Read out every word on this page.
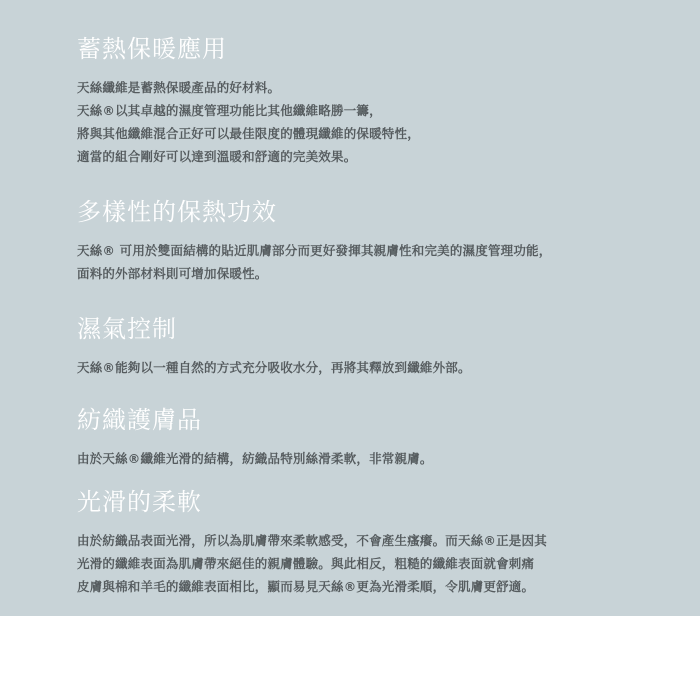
蓄熱保暖應用

天絲纖維是蓄熱保暖產品的好材料。
天絲®以其卓越的濕度管理功能比其他纖維略勝一籌，
將與其他纖維混合正好可以最佳限度的體現纖維的保暖特性，
適當的組合剛好可以達到溫暖和舒適的完美效果。

多樣性的保熱功效

天絲® 可用於雙面結構的貼近肌膚部分而更好發揮其親膚性和完美的濕度管理功能，
面料的外部材料則可增加保暖性。

濕氣控制

天絲®能夠以一種自然的方式充分吸收水分，再將其釋放到纖維外部。

紡織護膚品

由於天絲®纖維光滑的結構，紡織品特別絲滑柔軟，非常親膚。

光滑的柔軟

由於紡織品表面光滑，所以為肌膚帶來柔軟感受，不會產生瘙癢。而天絲®正是因其
光滑的纖維表面為肌膚帶來絕佳的親膚體驗。與此相反，粗糙的纖維表面就會刺痛
皮膚與棉和羊毛的纖維表面相比，顯而易見天絲®更為光滑柔順，令肌膚更舒適。
